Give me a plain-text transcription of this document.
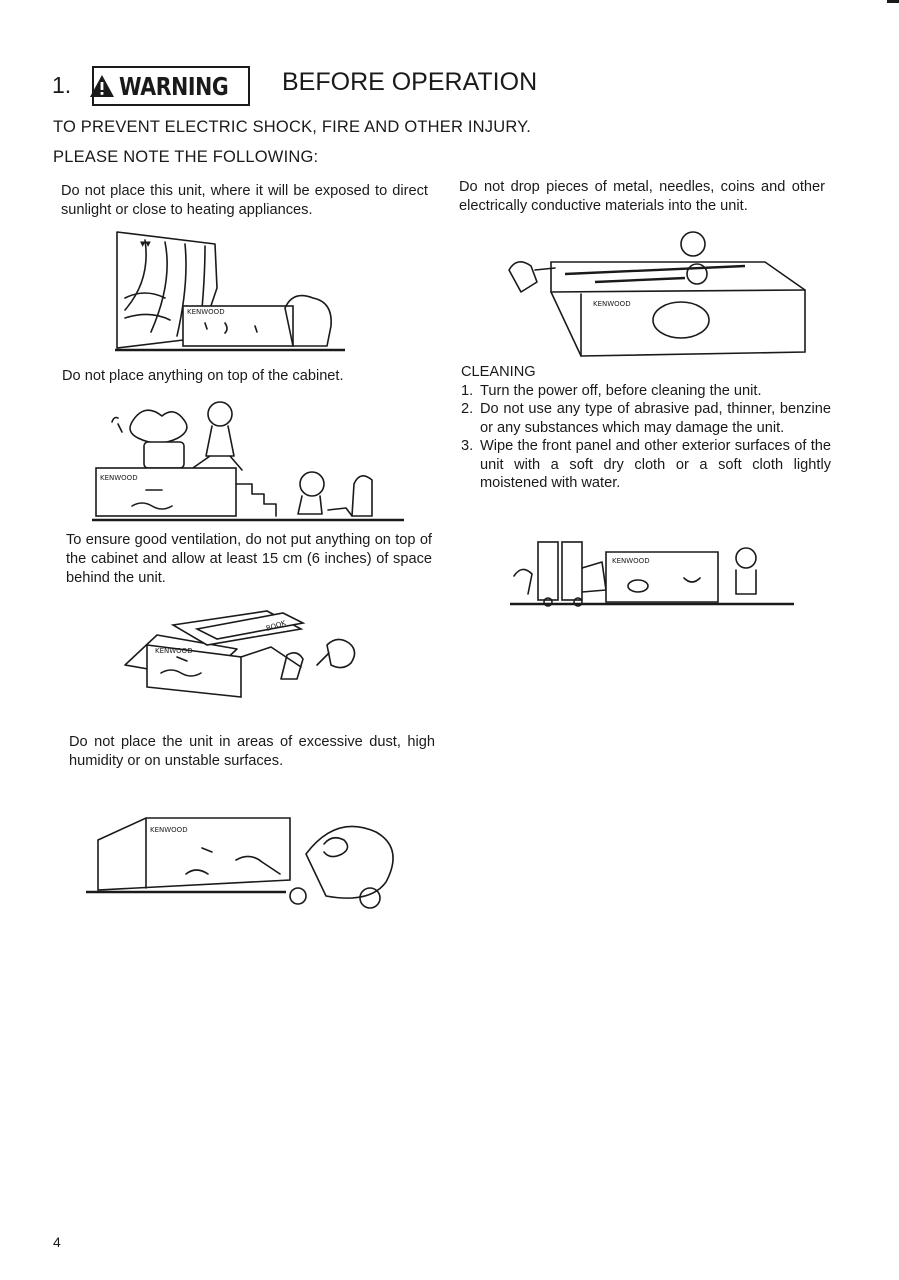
1. WARNING BEFORE OPERATION
TO PREVENT ELECTRIC SHOCK, FIRE AND OTHER INJURY.
PLEASE NOTE THE FOLLOWING:
Do not place this unit, where it will be exposed to direct sunlight or close to heating appliances.
▼▼
KENWOOD
Do not place anything on top of the cabinet.
KENWOOD
To ensure good ventilation, do not put anything on top of the cabinet and allow at least 15 cm (6 inches) of space behind the unit.
KENWOOD
BOOK
Do not place the unit in areas of excessive dust, high humidity or on unstable surfaces.
KENWOOD
Do not drop pieces of metal, needles, coins and other electrically conductive materials into the unit.
KENWOOD
CLEANING
1. Turn the power off, before cleaning the unit.
2. Do not use any type of abrasive pad, thinner, benzine or any substances which may damage the unit.
3. Wipe the front panel and other exterior surfaces of the unit with a soft dry cloth or a soft cloth lightly moistened with water.
KENWOOD
4
